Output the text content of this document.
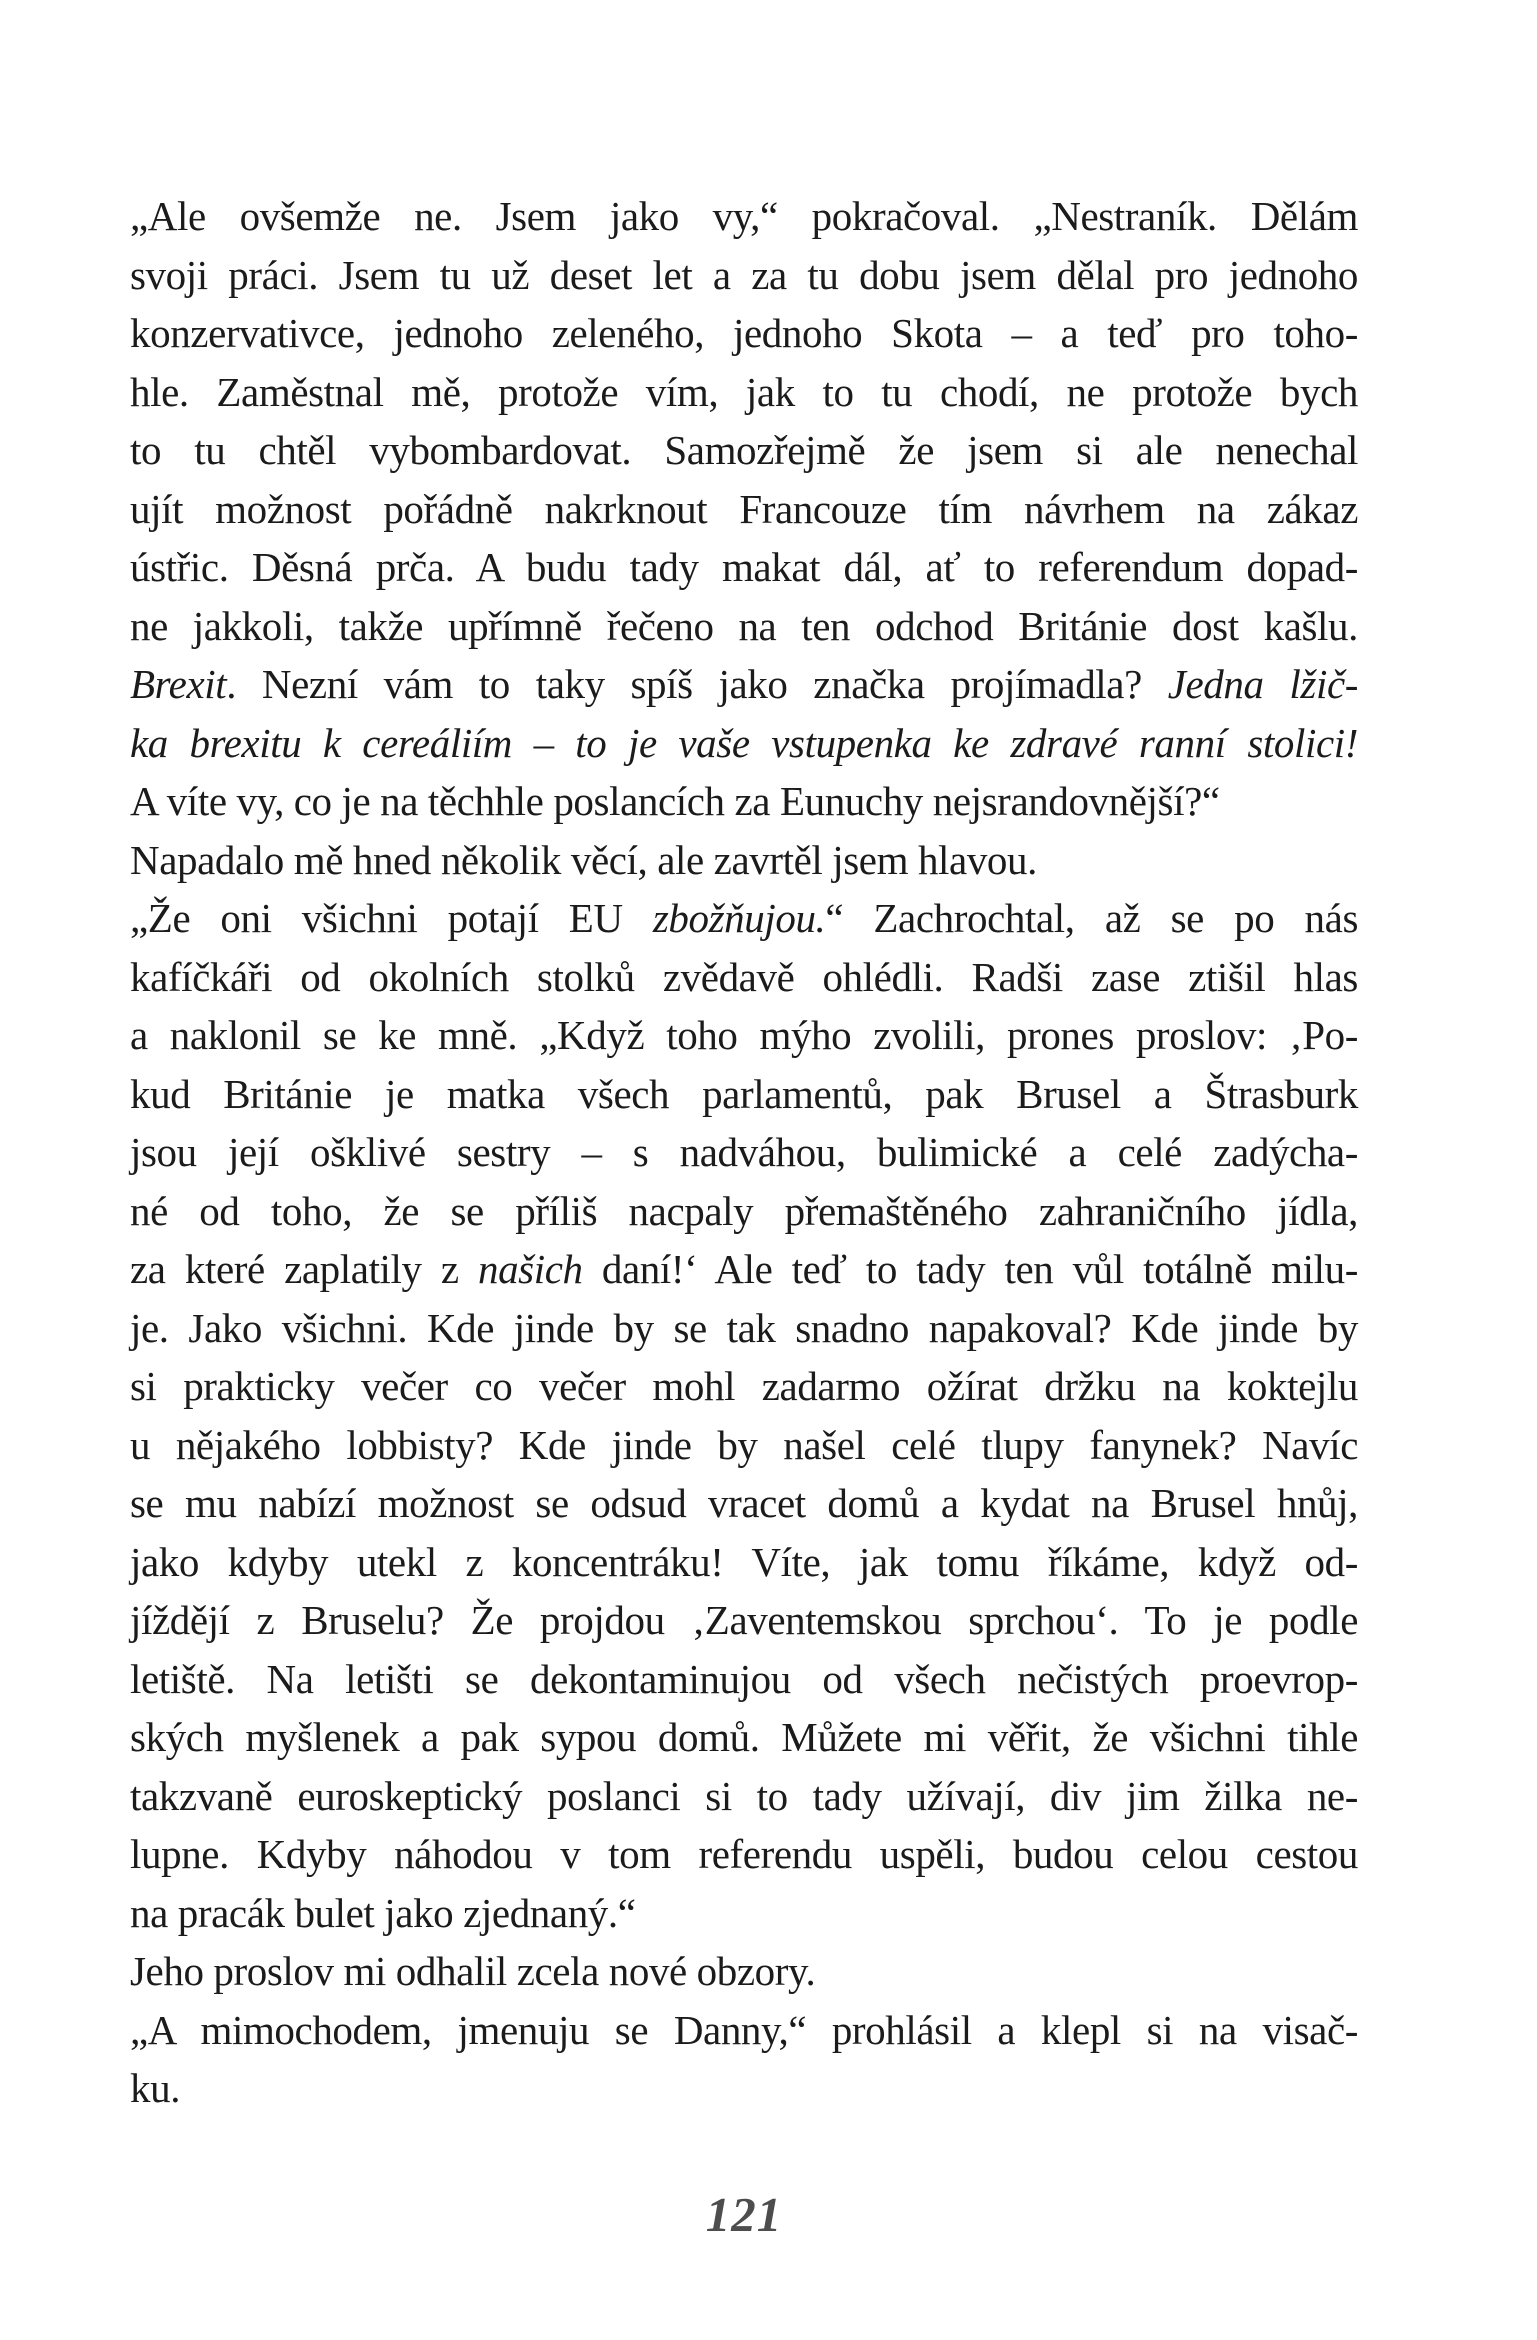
„Ale ovšemže ne. Jsem jako vy,“ pokračoval. „Nestraník. Dělám
svoji práci. Jsem tu už deset let a za tu dobu jsem dělal pro jednoho
konzervativce, jednoho zeleného, jednoho Skota – a teď pro toho-
hle. Zaměstnal mě, protože vím, jak to tu chodí, ne protože bych
to tu chtěl vybombardovat. Samozřejmě že jsem si ale nenechal
ujít možnost pořádně nakrknout Francouze tím návrhem na zákaz
ústřic. Děsná prča. A budu tady makat dál, ať to referendum dopad-
ne jakkoli, takže upřímně řečeno na ten odchod Británie dost kašlu.
Brexit. Nezní vám to taky spíš jako značka projímadla? Jedna lžič-
ka brexitu k cereáliím – to je vaše vstupenka ke zdravé ranní stolici!
A víte vy, co je na těchhle poslancích za Eunuchy nejsrandovnější?“
Napadalo mě hned několik věcí, ale zavrtěl jsem hlavou.
„Že oni všichni potají EU zbožňujou.“ Zachrochtal, až se po nás
kafíčkáři od okolních stolků zvědavě ohlédli. Radši zase ztišil hlas
a naklonil se ke mně. „Když toho mýho zvolili, prones proslov: ‚Po-
kud Británie je matka všech parlamentů, pak Brusel a Štrasburk
jsou její ošklivé sestry – s nadváhou, bulimické a celé zadýcha-
né od toho, že se příliš nacpaly přemaštěného zahraničního jídla,
za které zaplatily z našich daní!‘ Ale teď to tady ten vůl totálně milu-
je. Jako všichni. Kde jinde by se tak snadno napakoval? Kde jinde by
si prakticky večer co večer mohl zadarmo ožírat držku na koktejlu
u nějakého lobbisty? Kde jinde by našel celé tlupy fanynek? Navíc
se mu nabízí možnost se odsud vracet domů a kydat na Brusel hnůj,
jako kdyby utekl z koncentráku! Víte, jak tomu říkáme, když od-
jíždějí z Bruselu? Že projdou ‚Zaventemskou sprchou‘. To je podle
letiště. Na letišti se dekontaminujou od všech nečistých proevrop-
ských myšlenek a pak sypou domů. Můžete mi věřit, že všichni tihle
takzvaně euroskeptický poslanci si to tady užívají, div jim žilka ne-
lupne. Kdyby náhodou v tom referendu uspěli, budou celou cestou
na pracák bulet jako zjednaný.“
Jeho proslov mi odhalil zcela nové obzory.
„A mimochodem, jmenuju se Danny,“ prohlásil a klepl si na visač-
ku.
121
